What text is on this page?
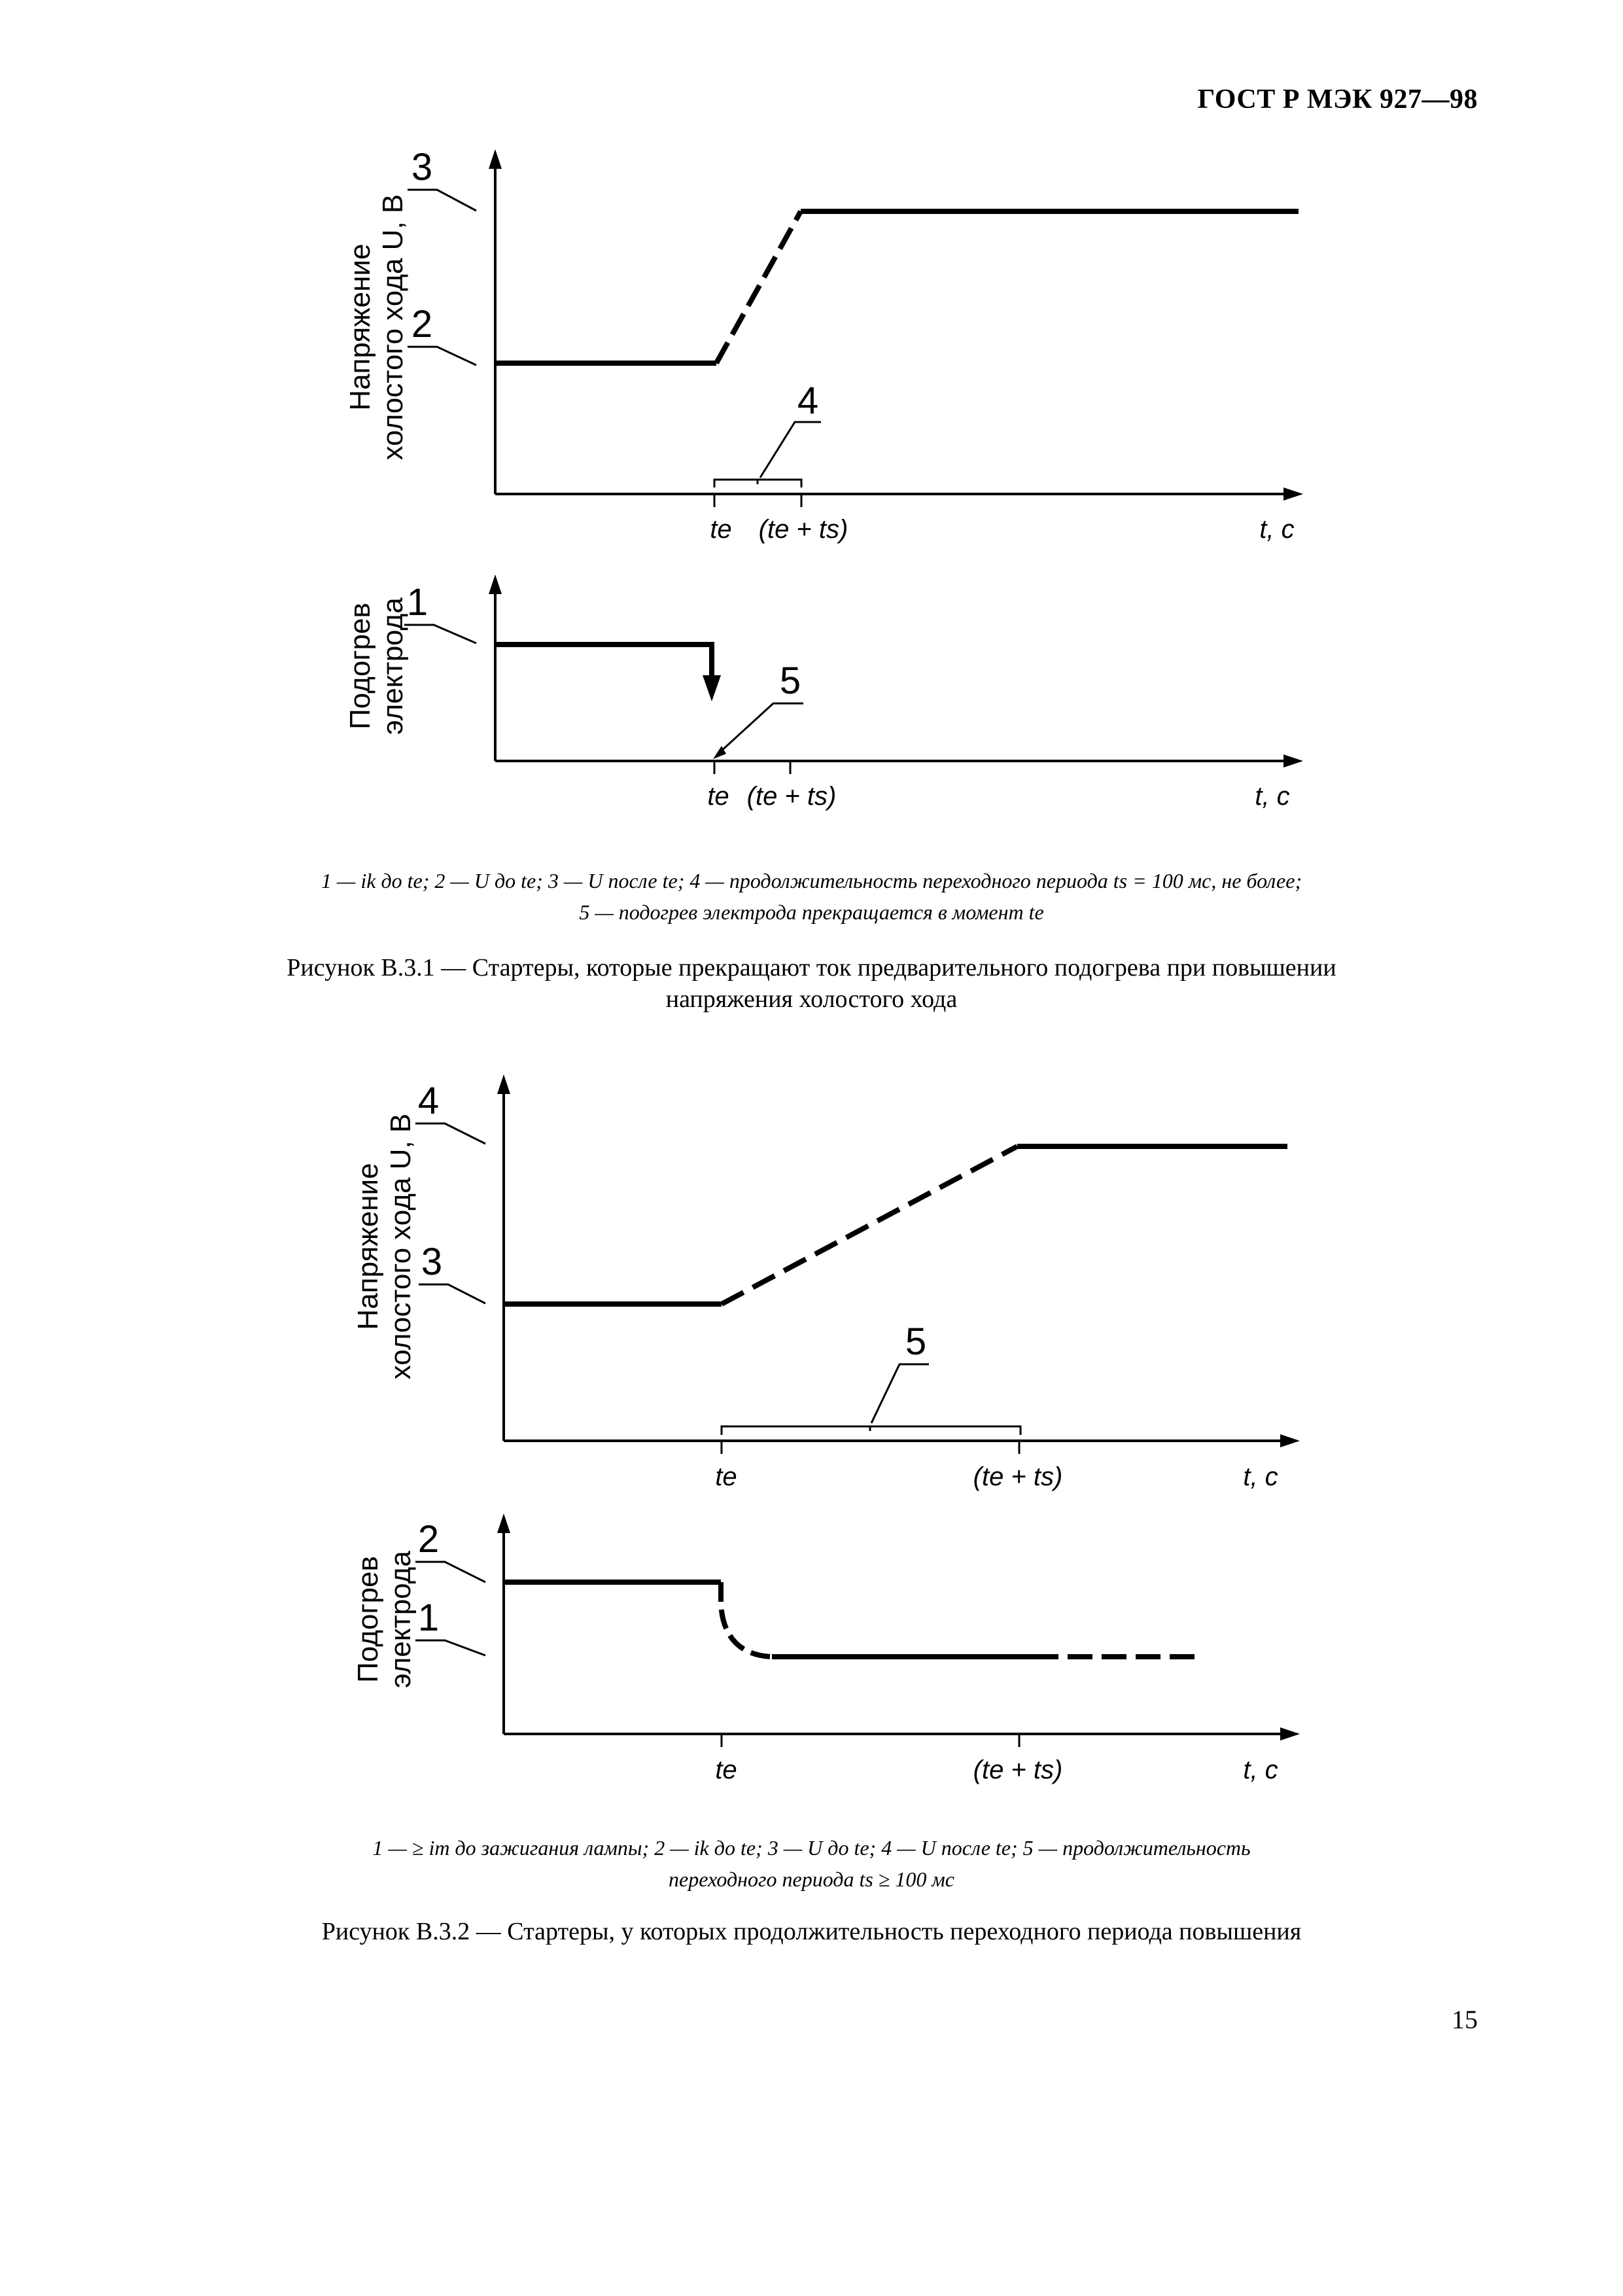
ГОСТ Р МЭК 927—98
Напряжение холостого хода U, В
3
2
4
te (te + ts)	t, с
Подогрев электрода
1
5
te (te + ts)	t, с
1 — ik до te; 2 — U до te; 3 — U после te; 4 — продолжительность переходного периода ts = 100 мс, не более;
5 — подогрев электрода прекращается в момент te
Рисунок В.3.1 — Стартеры, которые прекращают ток предварительного подогрева при повышении
напряжения холостого хода
Напряжение холостого хода U, В
4
3
5
te	(te + ts)	t, с
Подогрев электрода
2
1
te	(te + ts)	t, с
1 — ≥ im до зажигания лампы; 2 — ik до te; 3 — U до te; 4 — U после te; 5 — продолжительность
переходного периода ts ≥ 100 мс
Рисунок В.3.2 — Стартеры, у которых продолжительность переходного периода повышения
15
